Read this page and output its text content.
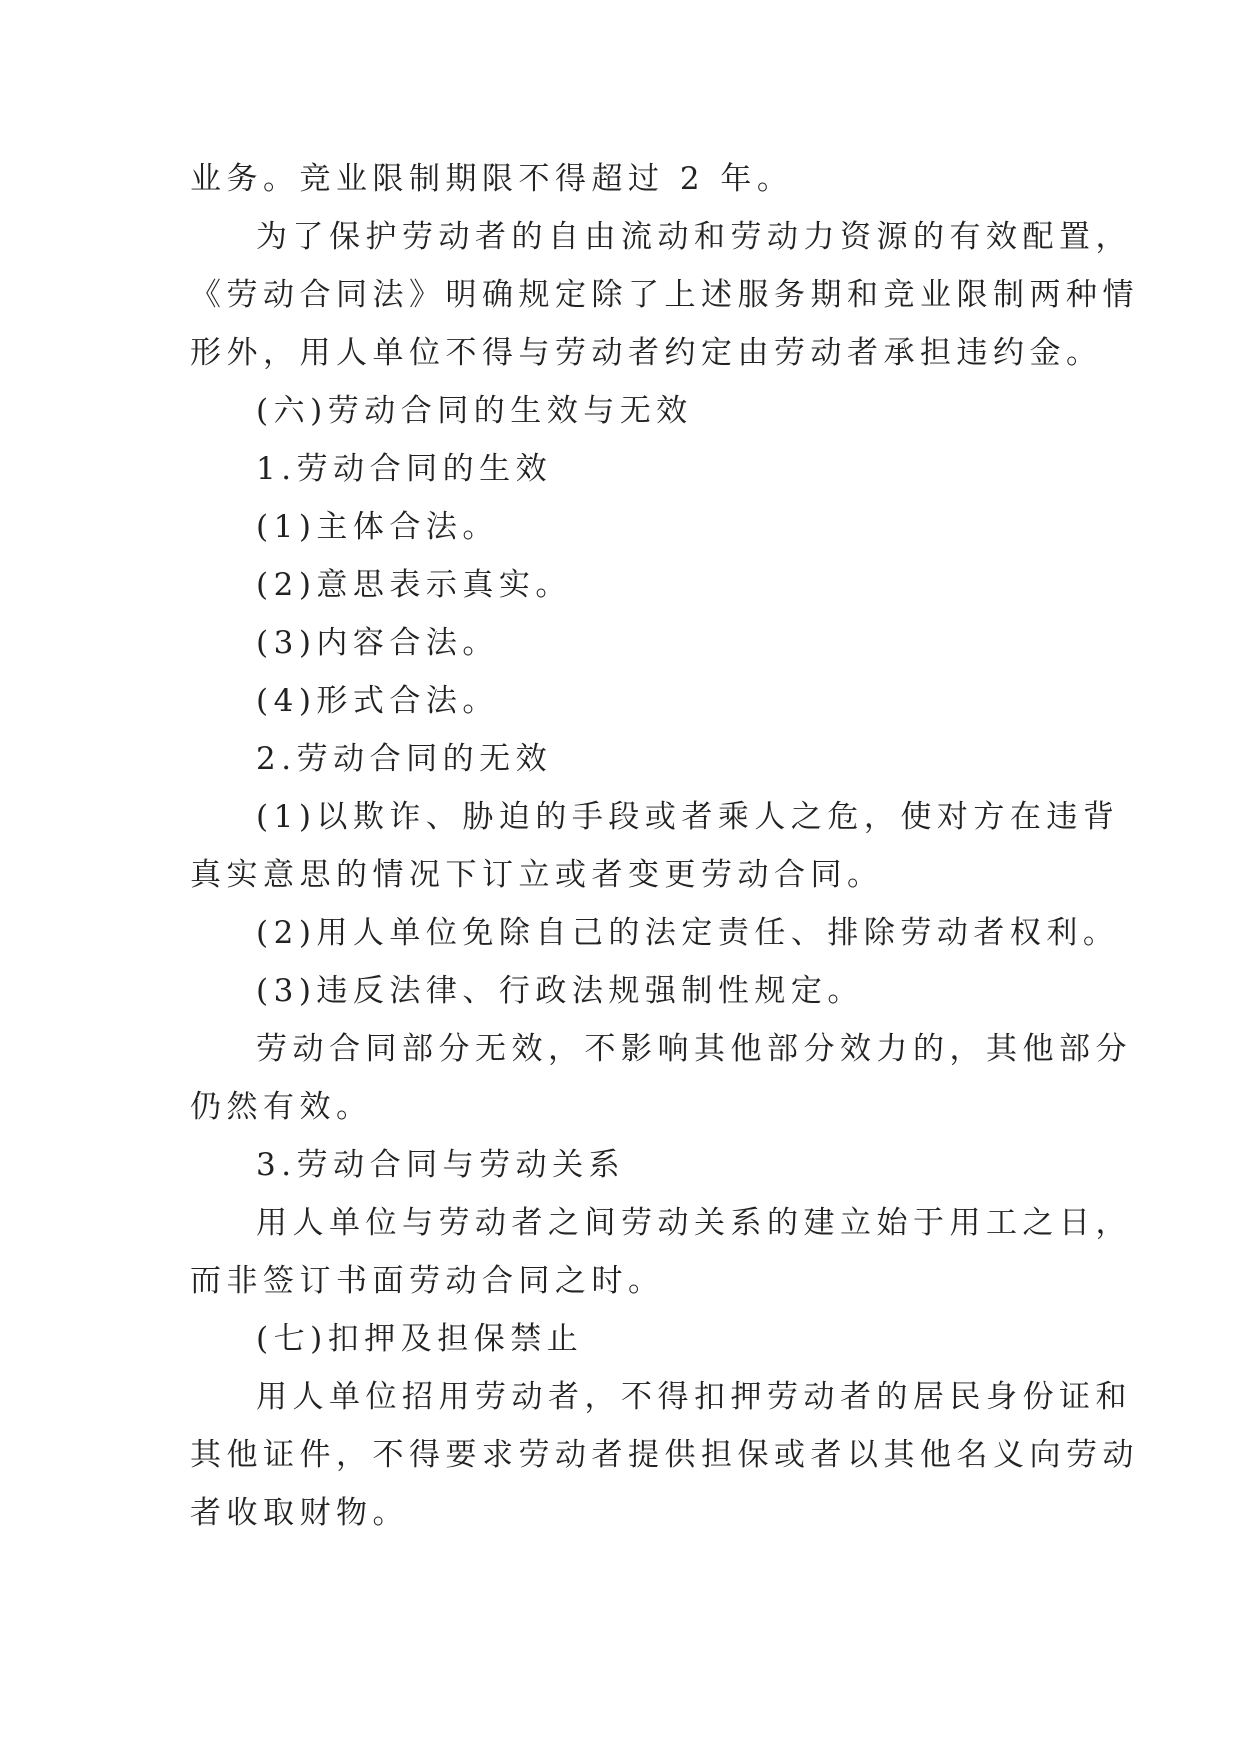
业务。竞业限制期限不得超过 2 年。
为了保护劳动者的自由流动和劳动力资源的有效配置，
《劳动合同法》明确规定除了上述服务期和竞业限制两种情
形外，用人单位不得与劳动者约定由劳动者承担违约金。
(六)劳动合同的生效与无效
1.劳动合同的生效
(1)主体合法。
(2)意思表示真实。
(3)内容合法。
(4)形式合法。
2.劳动合同的无效
(1)以欺诈、胁迫的手段或者乘人之危，使对方在违背
真实意思的情况下订立或者变更劳动合同。
(2)用人单位免除自己的法定责任、排除劳动者权利。
(3)违反法律、行政法规强制性规定。
劳动合同部分无效，不影响其他部分效力的，其他部分
仍然有效。
3.劳动合同与劳动关系
用人单位与劳动者之间劳动关系的建立始于用工之日，
而非签订书面劳动合同之时。
(七)扣押及担保禁止
用人单位招用劳动者，不得扣押劳动者的居民身份证和
其他证件，不得要求劳动者提供担保或者以其他名义向劳动
者收取财物。
